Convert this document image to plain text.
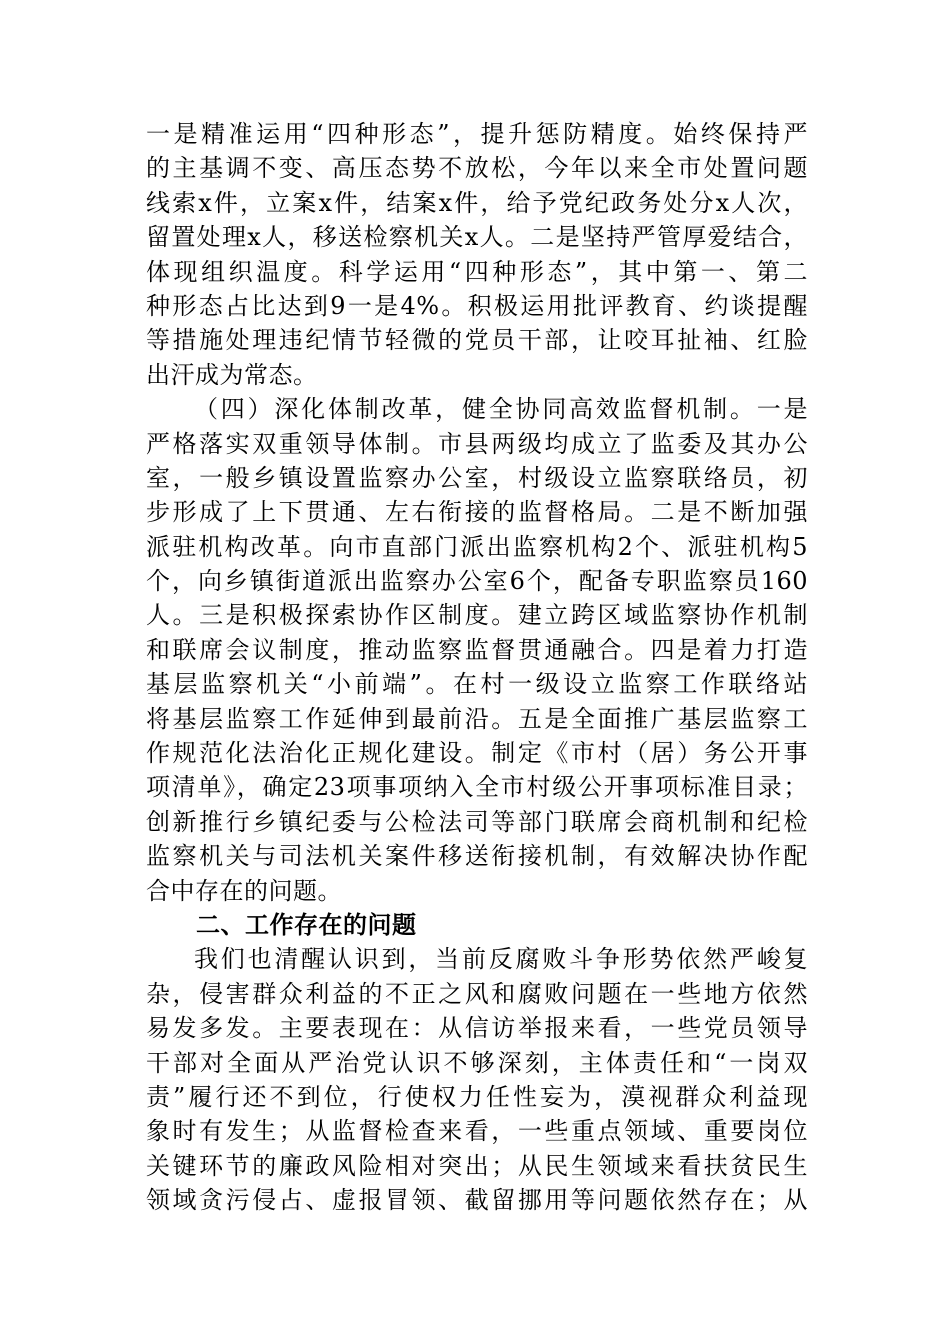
一是精准运用“四种形态”，提升惩防精度。始终保持严
的主基调不变、高压态势不放松，今年以来全市处置问题
线索x件，立案x件，结案x件，给予党纪政务处分x人次，
留置处理x人，移送检察机关x人。二是坚持严管厚爱结合，
体现组织温度。科学运用“四种形态”，其中第一、第二
种形态占比达到9一是4%。积极运用批评教育、约谈提醒
等措施处理违纪情节轻微的党员干部，让咬耳扯袖、红脸
出汗成为常态。
（四）深化体制改革，健全协同高效监督机制。一是
严格落实双重领导体制。市县两级均成立了监委及其办公
室，一般乡镇设置监察办公室，村级设立监察联络员，初
步形成了上下贯通、左右衔接的监督格局。二是不断加强
派驻机构改革。向市直部门派出监察机构2个、派驻机构5
个，向乡镇街道派出监察办公室6个，配备专职监察员160
人。三是积极探索协作区制度。建立跨区域监察协作机制
和联席会议制度，推动监察监督贯通融合。四是着力打造
基层监察机关“小前端”。在村一级设立监察工作联络站
将基层监察工作延伸到最前沿。五是全面推广基层监察工
作规范化法治化正规化建设。制定《市村（居）务公开事
项清单》，确定23项事项纳入全市村级公开事项标准目录；
创新推行乡镇纪委与公检法司等部门联席会商机制和纪检
监察机关与司法机关案件移送衔接机制，有效解决协作配
合中存在的问题。
二、工作存在的问题
我们也清醒认识到，当前反腐败斗争形势依然严峻复
杂，侵害群众利益的不正之风和腐败问题在一些地方依然
易发多发。主要表现在：从信访举报来看，一些党员领导
干部对全面从严治党认识不够深刻，主体责任和“一岗双
责”履行还不到位，行使权力任性妄为，漠视群众利益现
象时有发生；从监督检查来看，一些重点领域、重要岗位
关键环节的廉政风险相对突出；从民生领域来看扶贫民生
领域贪污侵占、虚报冒领、截留挪用等问题依然存在；从
